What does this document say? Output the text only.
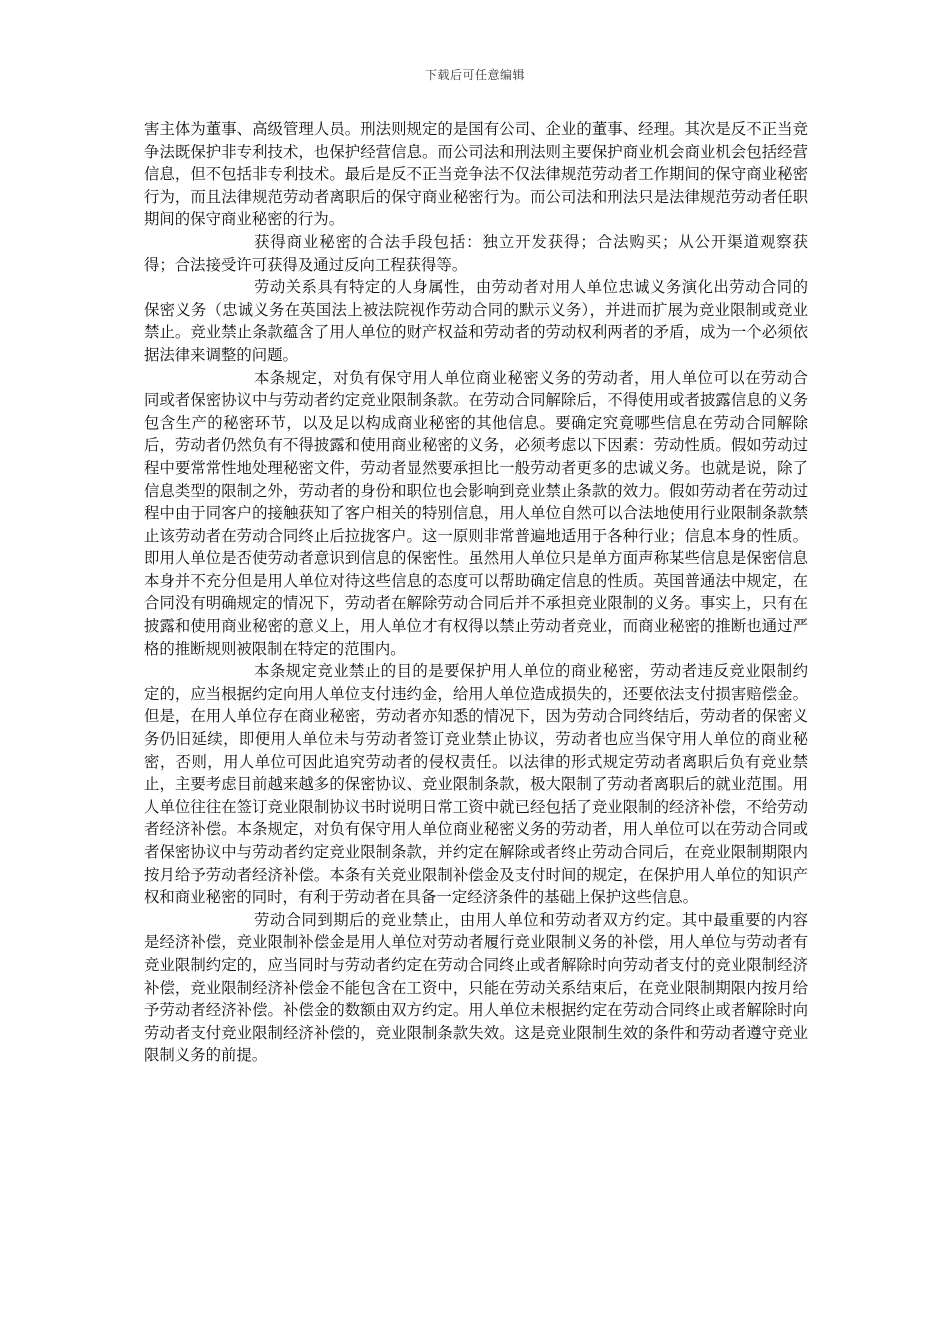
下载后可任意编辑

害主体为董事、高级管理人员。刑法则规定的是国有公司、企业的董事、经理。其次是反不正当竞争法既保护非专利技术，也保护经营信息。而公司法和刑法则主要保护商业机会商业机会包括经营信息，但不包括非专利技术。最后是反不正当竞争法不仅法律规范劳动者工作期间的保守商业秘密行为，而且法律规范劳动者离职后的保守商业秘密行为。而公司法和刑法只是法律规范劳动者任职期间的保守商业秘密的行为。

获得商业秘密的合法手段包括：独立开发获得；合法购买；从公开渠道观察获得；合法接受许可获得及通过反向工程获得等。

劳动关系具有特定的人身属性，由劳动者对用人单位忠诚义务演化出劳动合同的保密义务（忠诚义务在英国法上被法院视作劳动合同的默示义务），并进而扩展为竞业限制或竞业禁止。竞业禁止条款蕴含了用人单位的财产权益和劳动者的劳动权利两者的矛盾，成为一个必须依据法律来调整的问题。

本条规定，对负有保守用人单位商业秘密义务的劳动者，用人单位可以在劳动合同或者保密协议中与劳动者约定竞业限制条款。在劳动合同解除后，不得使用或者披露信息的义务包含生产的秘密环节，以及足以构成商业秘密的其他信息。要确定究竟哪些信息在劳动合同解除后，劳动者仍然负有不得披露和使用商业秘密的义务，必须考虑以下因素：劳动性质。假如劳动过程中要常常性地处理秘密文件，劳动者显然要承担比一般劳动者更多的忠诚义务。也就是说，除了信息类型的限制之外，劳动者的身份和职位也会影响到竞业禁止条款的效力。假如劳动者在劳动过程中由于同客户的接触获知了客户相关的特别信息，用人单位自然可以合法地使用行业限制条款禁止该劳动者在劳动合同终止后拉拢客户。这一原则非常普遍地适用于各种行业；信息本身的性质。即用人单位是否使劳动者意识到信息的保密性。虽然用人单位只是单方面声称某些信息是保密信息本身并不充分但是用人单位对待这些信息的态度可以帮助确定信息的性质。英国普通法中规定，在合同没有明确规定的情况下，劳动者在解除劳动合同后并不承担竞业限制的义务。事实上，只有在披露和使用商业秘密的意义上，用人单位才有权得以禁止劳动者竞业，而商业秘密的推断也通过严格的推断规则被限制在特定的范围内。

本条规定竞业禁止的目的是要保护用人单位的商业秘密，劳动者违反竞业限制约定的，应当根据约定向用人单位支付违约金，给用人单位造成损失的，还要依法支付损害赔偿金。但是，在用人单位存在商业秘密，劳动者亦知悉的情况下，因为劳动合同终结后，劳动者的保密义务仍旧延续，即便用人单位未与劳动者签订竞业禁止协议，劳动者也应当保守用人单位的商业秘密，否则，用人单位可因此追究劳动者的侵权责任。以法律的形式规定劳动者离职后负有竞业禁止，主要考虑目前越来越多的保密协议、竞业限制条款，极大限制了劳动者离职后的就业范围。用人单位往往在签订竞业限制协议书时说明日常工资中就已经包括了竞业限制的经济补偿，不给劳动者经济补偿。本条规定，对负有保守用人单位商业秘密义务的劳动者，用人单位可以在劳动合同或者保密协议中与劳动者约定竞业限制条款，并约定在解除或者终止劳动合同后，在竞业限制期限内按月给予劳动者经济补偿。本条有关竞业限制补偿金及支付时间的规定，在保护用人单位的知识产权和商业秘密的同时，有利于劳动者在具备一定经济条件的基础上保护这些信息。

劳动合同到期后的竞业禁止，由用人单位和劳动者双方约定。其中最重要的内容是经济补偿，竞业限制补偿金是用人单位对劳动者履行竞业限制义务的补偿，用人单位与劳动者有竞业限制约定的，应当同时与劳动者约定在劳动合同终止或者解除时向劳动者支付的竞业限制经济补偿，竞业限制经济补偿金不能包含在工资中，只能在劳动关系结束后，在竞业限制期限内按月给予劳动者经济补偿。补偿金的数额由双方约定。用人单位未根据约定在劳动合同终止或者解除时向劳动者支付竞业限制经济补偿的，竞业限制条款失效。这是竞业限制生效的条件和劳动者遵守竞业限制义务的前提。
